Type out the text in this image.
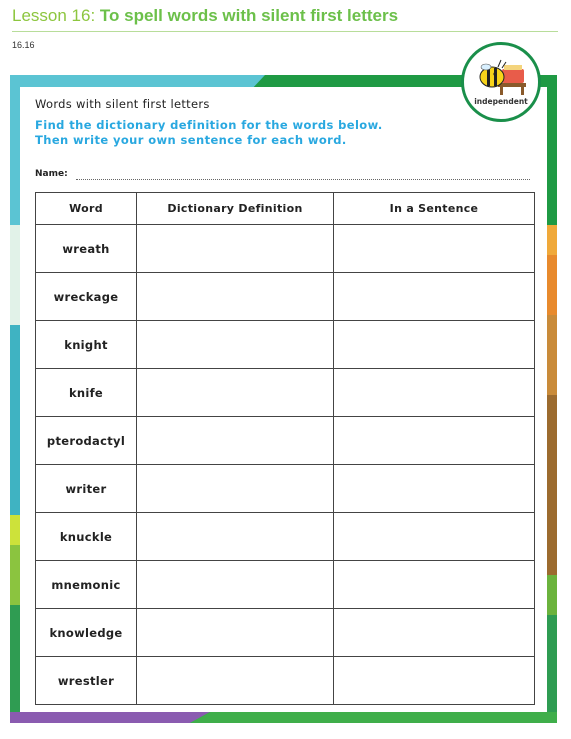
Lesson 16: To spell words with silent first letters
16.16
independent
Words with silent first letters
Find the dictionary definition for the words below.
Then write your own sentence for each word.
Name:
Word	Dictionary Definition	In a Sentence
wreath		
wreckage		
knight		
knife		
pterodactyl		
writer		
knuckle		
mnemonic		
knowledge		
wrestler		
